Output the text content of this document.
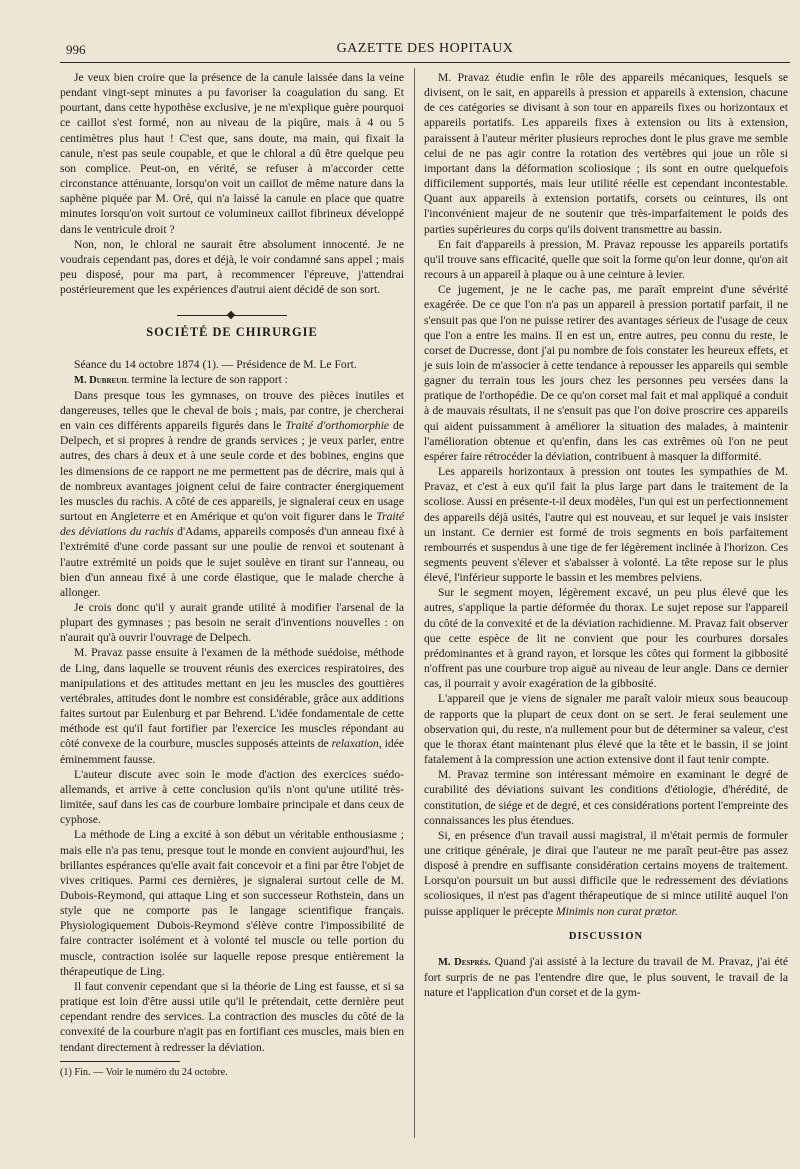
996	GAZETTE DES HOPITAUX

Je veux bien croire que la présence de la canule laissée dans la veine pendant vingt-sept minutes a pu favoriser la coagulation du sang. Et pourtant, dans cette hypothèse exclusive, je ne m'explique guère pourquoi ce caillot s'est formé, non au niveau de la piqûre, mais à 4 ou 5 centimètres plus haut ! C'est que, sans doute, ma main, qui fixait la canule, n'est pas seule coupable, et que le chloral a dû être quelque peu son complice. Peut-on, en vérité, se refuser à m'accorder cette circonstance atténuante, lorsqu'on voit un caillot de même nature dans la saphène piquée par M. Oré, qui n'a laissé la canule en place que quatre minutes lorsqu'on voit surtout ce volumineux caillot fibrineux développé dans le ventricule droit ?

Non, non, le chloral ne saurait être absolument innocenté. Je ne voudrais cependant pas, dores et déjà, le voir condamné sans appel ; mais peu disposé, pour ma part, à recommencer l'épreuve, j'attendrai postérieurement que les expériences d'autrui aient décidé de son sort.

SOCIÉTÉ DE CHIRURGIE

Séance du 14 octobre 1874 (1). — Présidence de M. Le Fort.

M. Dubreuil termine la lecture de son rapport :

Dans presque tous les gymnases, on trouve des pièces inutiles et dangereuses, telles que le cheval de bois ; mais, par contre, je chercherai en vain ces différents appareils figurés dans le Traité d'orthomorphie de Delpech, et si propres à rendre de grands services ; je veux parler, entre autres, des chars à deux et à une seule corde et des bobines, engins que les dimensions de ce rapport ne me permettent pas de décrire, mais qui à de nombreux avantages joignent celui de faire contracter énergiquement les muscles du rachis. A côté de ces appareils, je signalerai ceux en usage surtout en Angleterre et en Amérique et qu'on voit figurer dans le Traité des déviations du rachis d'Adams, appareils composés d'un anneau fixé à l'extrémité d'une corde passant sur une poulie de renvoi et soutenant à l'autre extrémité un poids que le sujet soulève en tirant sur l'anneau, ou bien d'un anneau fixé à une corde élastique, que le malade cherche à allonger.

Je crois donc qu'il y aurait grande utilité à modifier l'arsenal de la plupart des gymnases ; pas besoin ne serait d'inventions nouvelles : on n'aurait qu'à ouvrir l'ouvrage de Delpech.

M. Pravaz passe ensuite à l'examen de la méthode suédoise, méthode de Ling, dans laquelle se trouvent réunis des exercices respiratoires, des manipulations et des attitudes mettant en jeu les muscles des gouttières vertébrales, attitudes dont le nombre est considérable, grâce aux additions faites surtout par Eulenburg et par Behrend. L'idée fondamentale de cette méthode est qu'il faut fortifier par l'exercice les muscles répondant au côté convexe de la courbure, muscles supposés atteints de relaxation, idée éminemment fausse.

L'auteur discute avec soin le mode d'action des exercices suédo-allemands, et arrive à cette conclusion qu'ils n'ont qu'une utilité très-limitée, sauf dans les cas de courbure lombaire principale et dans ceux de cyphose.

La méthode de Ling a excité à son début un véritable enthousiasme ; mais elle n'a pas tenu, presque tout le monde en convient aujourd'hui, les brillantes espérances qu'elle avait fait concevoir et a fini par être l'objet de vives critiques. Parmi ces dernières, je signalerai surtout celle de M. Dubois-Reymond, qui attaque Ling et son successeur Rothstein, dans un style que ne comporte pas le langage scientifique français. Physiologiquement Dubois-Reymond s'élève contre l'impossibilité de faire contracter isolément et à volonté tel muscle ou telle portion du muscle, contraction isolée sur laquelle repose presque entièrement la thérapeutique de Ling.

Il faut convenir cependant que si la théorie de Ling est fausse, et si sa pratique est loin d'être aussi utile qu'il le prétendait, cette dernière peut cependant rendre des services. La contraction des muscles du côté de la convexité de la courbure n'agit pas en fortifiant ces muscles, mais bien en tendant directement à redresser la déviation.

(1) Fin. — Voir le numéro du 24 octobre.

M. Pravaz étudie enfin le rôle des appareils mécaniques, lesquels se divisent, on le sait, en appareils à pression et appareils à extension, chacune de ces catégories se divisant à son tour en appareils fixes ou horizontaux et appareils portatifs. Les appareils fixes à extension ou lits à extension, paraissent à l'auteur mériter plusieurs reproches dont le plus grave me semble celui de ne pas agir contre la rotation des vertèbres qui joue un rôle si important dans la déformation scoliosique ; ils sont en outre quelquefois difficilement supportés, mais leur utilité réelle est cependant incontestable. Quant aux appareils à extension portatifs, corsets ou ceintures, ils ont l'inconvénient majeur de ne soutenir que très-imparfaitement le poids des parties supérieures du corps qu'ils doivent transmettre au bassin.

En fait d'appareils à pression, M. Pravaz repousse les appareils portatifs qu'il trouve sans efficacité, quelle que soit la forme qu'on leur donne, qu'on ait recours à un appareil à plaque ou à une ceinture à levier.

Ce jugement, je ne le cache pas, me paraît empreint d'une sévérité exagérée. De ce que l'on n'a pas un appareil à pression portatif parfait, il ne s'ensuit pas que l'on ne puisse retirer des avantages sérieux de l'usage de ceux que l'on a entre les mains. Il en est un, entre autres, peu connu du reste, le corset de Ducresse, dont j'ai pu nombre de fois constater les heureux effets, et je suis loin de m'associer à cette tendance à repousser les appareils qui semble gagner du terrain tous les jours chez les personnes peu versées dans la pratique de l'orthopédie. De ce qu'on corset mal fait et mal appliqué a conduit à de mauvais résultats, il ne s'ensuit pas que l'on doive proscrire ces appareils qui aident puissamment à améliorer la situation des malades, à maintenir l'amélioration obtenue et qu'enfin, dans les cas extrêmes où l'on ne peut espérer faire rétrocéder la déviation, contribuent à masquer la difformité.

Les appareils horizontaux à pression ont toutes les sympathies de M. Pravaz, et c'est à eux qu'il fait la plus large part dans le traitement de la scoliose. Aussi en présente-t-il deux modèles, l'un qui est un perfectionnement des appareils déjà usités, l'autre qui est nouveau, et sur lequel je vais insister un instant. Ce dernier est formé de trois segments en bois parfaitement rembourrés et suspendus à une tige de fer légèrement inclinée à l'horizon. Ces segments peuvent s'élever et s'abaisser à volonté. La tête repose sur le plus élevé, l'inférieur supporte le bassin et les membres pelviens.

Sur le segment moyen, légèrement excavé, un peu plus élevé que les autres, s'applique la partie déformée du thorax. Le sujet repose sur l'appareil du côté de la convexité et de la déviation rachidienne. M. Pravaz fait observer que cette espèce de lit ne convient que pour les courbures dorsales prédominantes et à grand rayon, et lorsque les côtes qui forment la gibbosité n'offrent pas une courbure trop aiguë au niveau de leur angle. Dans ce dernier cas, il pourrait y avoir exagération de la gibbosité.

L'appareil que je viens de signaler me paraît valoir mieux sous beaucoup de rapports que la plupart de ceux dont on se sert. Je ferai seulement une observation qui, du reste, n'a nullement pour but de déterminer sa valeur, c'est que le thorax étant maintenant plus élevé que la tête et le bassin, il se joint fatalement à la compression une action extensive dont il faut tenir compte.

M. Pravaz termine son intéressant mémoire en examinant le degré de curabilité des déviations suivant les conditions d'étiologie, d'hérédité, de constitution, de siége et de degré, et ces considérations portent l'empreinte des connaissances les plus étendues.

Si, en présence d'un travail aussi magistral, il m'était permis de formuler une critique générale, je dirai que l'auteur ne me paraît peut-être pas assez disposé à prendre en suffisante considération certains moyens de traitement. Lorsqu'on poursuit un but aussi difficile que le redressement des déviations scoliosiques, il n'est pas d'agent thérapeutique de si mince utilité auquel l'on puisse appliquer le précepte Minimis non curat prætor.

DISCUSSION

M. Després. Quand j'ai assisté à la lecture du travail de M. Pravaz, j'ai été fort surpris de ne pas l'entendre dire que, le plus souvent, le travail de la nature et l'application d'un corset et de la gym-
